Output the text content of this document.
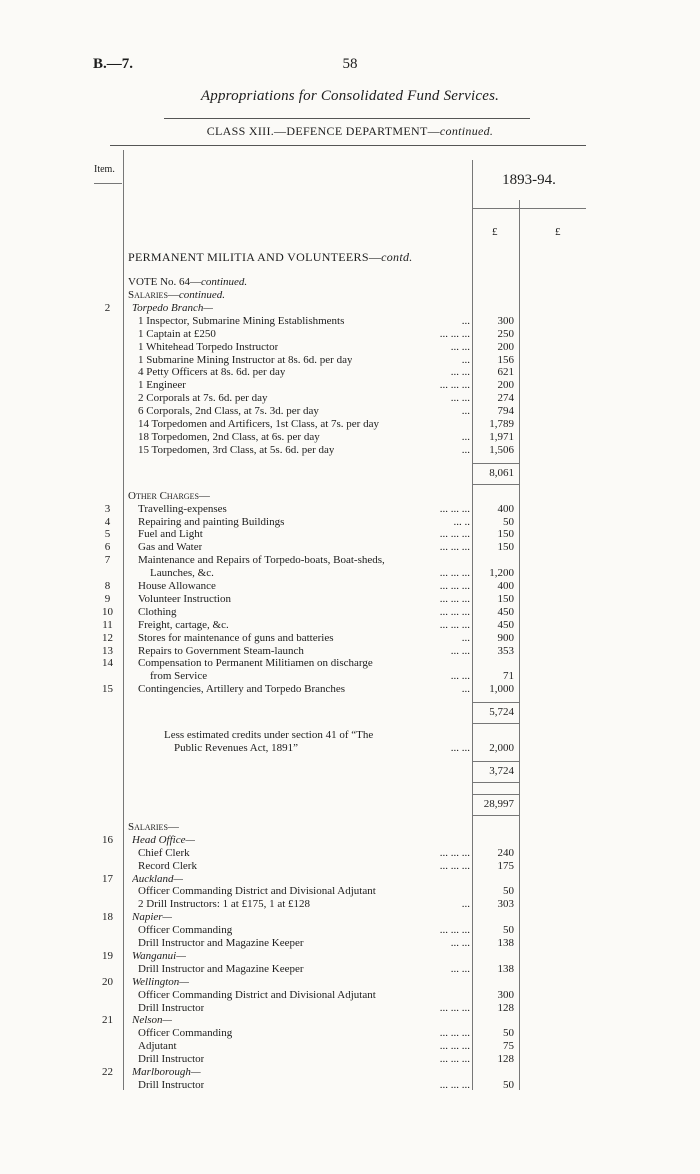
B.—7.	58
Appropriations for Consolidated Fund Services.
CLASS XIII.—DEFENCE DEPARTMENT—continued.
Item.
1893-94.
£	£
PERMANENT MILITIA AND VOLUNTEERS—contd.
VOTE No. 64—continued.
Salaries—continued.
2	Torpedo Branch—
1 Inspector, Submarine Mining Establishments	...	300
1 Captain at £250	... ... ...	250
1 Whitehead Torpedo Instructor	... ...	200
1 Submarine Mining Instructor at 8s. 6d. per day	...	156
4 Petty Officers at 8s. 6d. per day	... ...	621
1 Engineer	... ... ...	200
2 Corporals at 7s. 6d. per day	... ...	274
6 Corporals, 2nd Class, at 7s. 3d. per day	...	794
14 Torpedomen and Artificers, 1st Class, at 7s. per day	1,789
18 Torpedomen, 2nd Class, at 6s. per day	...	1,971
15 Torpedomen, 3rd Class, at 5s. 6d. per day	...	1,506
8,061
Other Charges—
3	Travelling-expenses	... ... ...	400
4	Repairing and painting Buildings	... ..	50
5	Fuel and Light	... ... ...	150
6	Gas and Water	... ... ...	150
7	Maintenance and Repairs of Torpedo-boats, Boat-sheds,
Launches, &c.	... ... ...	1,200
8	House Allowance	... ... ...	400
9	Volunteer Instruction	... ... ...	150
10	Clothing	... ... ...	450
11	Freight, cartage, &c.	... ... ...	450
12	Stores for maintenance of guns and batteries	...	900
13	Repairs to Government Steam-launch	... ...	353
14	Compensation to Permanent Militiamen on discharge
from Service	... ...	71
15	Contingencies, Artillery and Torpedo Branches	...	1,000
5,724
Less estimated credits under section 41 of “The
Public Revenues Act, 1891”	... ...	2,000
3,724
28,997
Salaries—
16	Head Office—
Chief Clerk	... ... ...	240
Record Clerk	... ... ...	175
17	Auckland—
Officer Commanding District and Divisional Adjutant	50
2 Drill Instructors: 1 at £175, 1 at £128	...	303
18	Napier—
Officer Commanding	... ... ...	50
Drill Instructor and Magazine Keeper	... ...	138
19	Wanganui—
Drill Instructor and Magazine Keeper	... ...	138
20	Wellington—
Officer Commanding District and Divisional Adjutant	300
Drill Instructor	... ... ...	128
21	Nelson—
Officer Commanding	... ... ...	50
Adjutant	... ... ...	75
Drill Instructor	... ... ...	128
22	Marlborough—
Drill Instructor	... ... ...	50
